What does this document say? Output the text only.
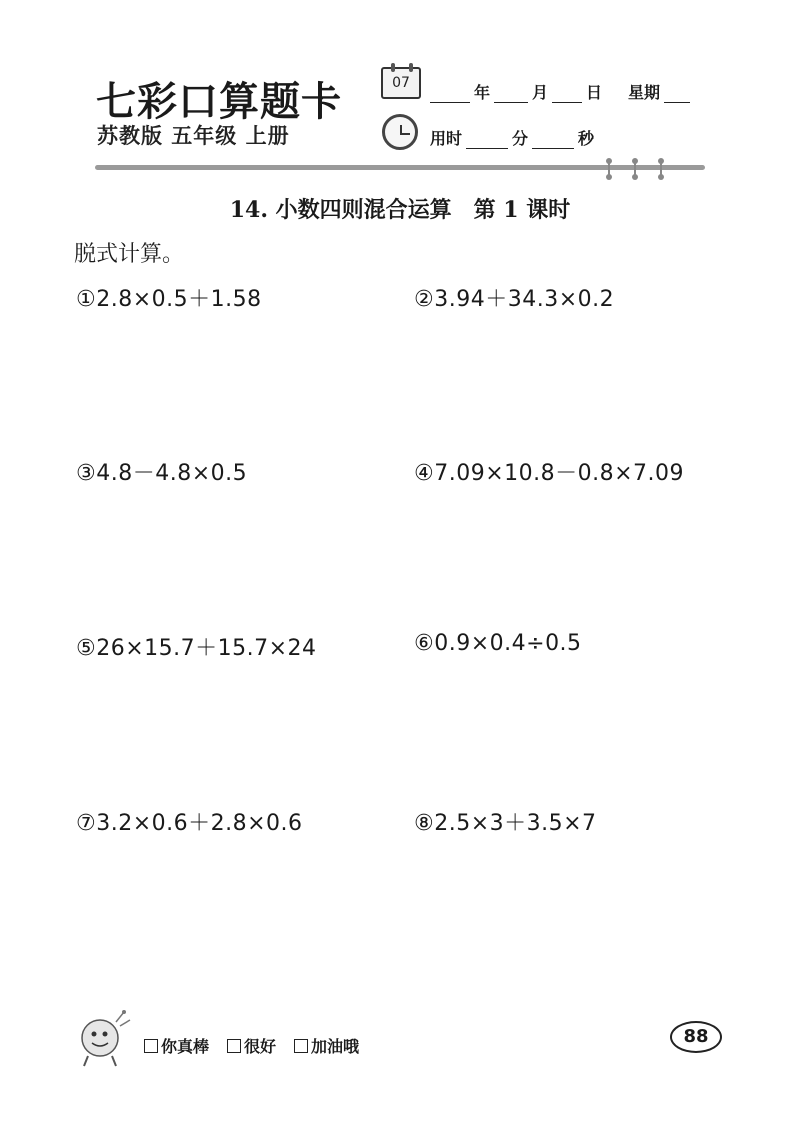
七彩口算题卡
苏教版 五年级 上册
07	年	月 日 星期
用时	分	秒
14. 小数四则混合运算　第 1 课时
脱式计算。
①2.8×0.5＋1.58	②3.94＋34.3×0.2
③4.8－4.8×0.5	④7.09×10.8－0.8×7.09
⑤26×15.7＋15.7×24	⑥0.9×0.4÷0.5
⑦3.2×0.6＋2.8×0.6	⑧2.5×3＋3.5×7
你真棒 很好 加油哦	88
